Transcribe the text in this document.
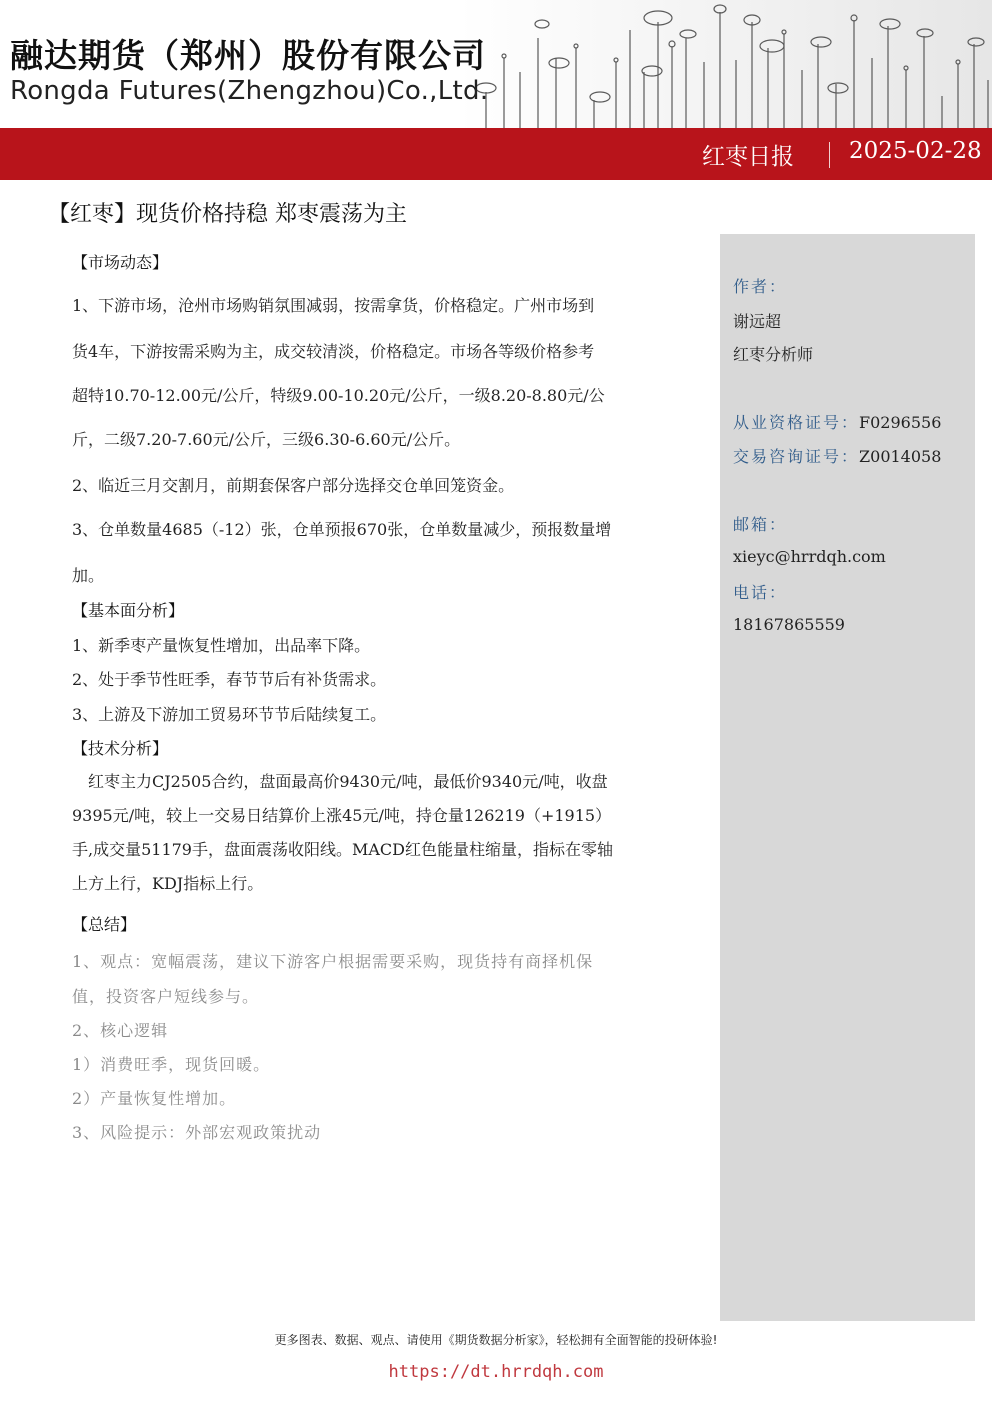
融达期货（郑州）股份有限公司
Rongda Futures(Zhengzhou)Co.,Ltd.
红枣日报 2025-02-28
【红枣】现货价格持稳 郑枣震荡为主
【市场动态】
1、下游市场，沧州市场购销氛围减弱，按需拿货，价格稳定。广州市场到
货4车，下游按需采购为主，成交较清淡，价格稳定。市场各等级价格参考
超特10.70-12.00元/公斤，特级9.00-10.20元/公斤，一级8.20-8.80元/公
斤，二级7.20-7.60元/公斤，三级6.30-6.60元/公斤。
2、临近三月交割月，前期套保客户部分选择交仓单回笼资金。
3、仓单数量4685（-12）张，仓单预报670张，仓单数量减少，预报数量增
加。
【基本面分析】
1、新季枣产量恢复性增加，出品率下降。
2、处于季节性旺季，春节节后有补货需求。
3、上游及下游加工贸易环节节后陆续复工。
【技术分析】
　红枣主力CJ2505合约，盘面最高价9430元/吨，最低价9340元/吨，收盘
9395元/吨，较上一交易日结算价上涨45元/吨，持仓量126219（+1915）
手,成交量51179手，盘面震荡收阳线。MACD红色能量柱缩量，指标在零轴
上方上行，KDJ指标上行。
【总结】
1、观点：宽幅震荡，建议下游客户根据需要采购，现货持有商择机保
值，投资客户短线参与。
2、核心逻辑
1）消费旺季，现货回暖。
2）产量恢复性增加。
3、风险提示：外部宏观政策扰动
作者：
谢远超
红枣分析师
从业资格证号：F0296556
交易咨询证号：Z0014058
邮箱：
xieyc@hrrdqh.com
电话：
18167865559
更多图表、数据、观点、请使用《期货数据分析家》，轻松拥有全面智能的投研体验!
https://dt.hrrdqh.com
